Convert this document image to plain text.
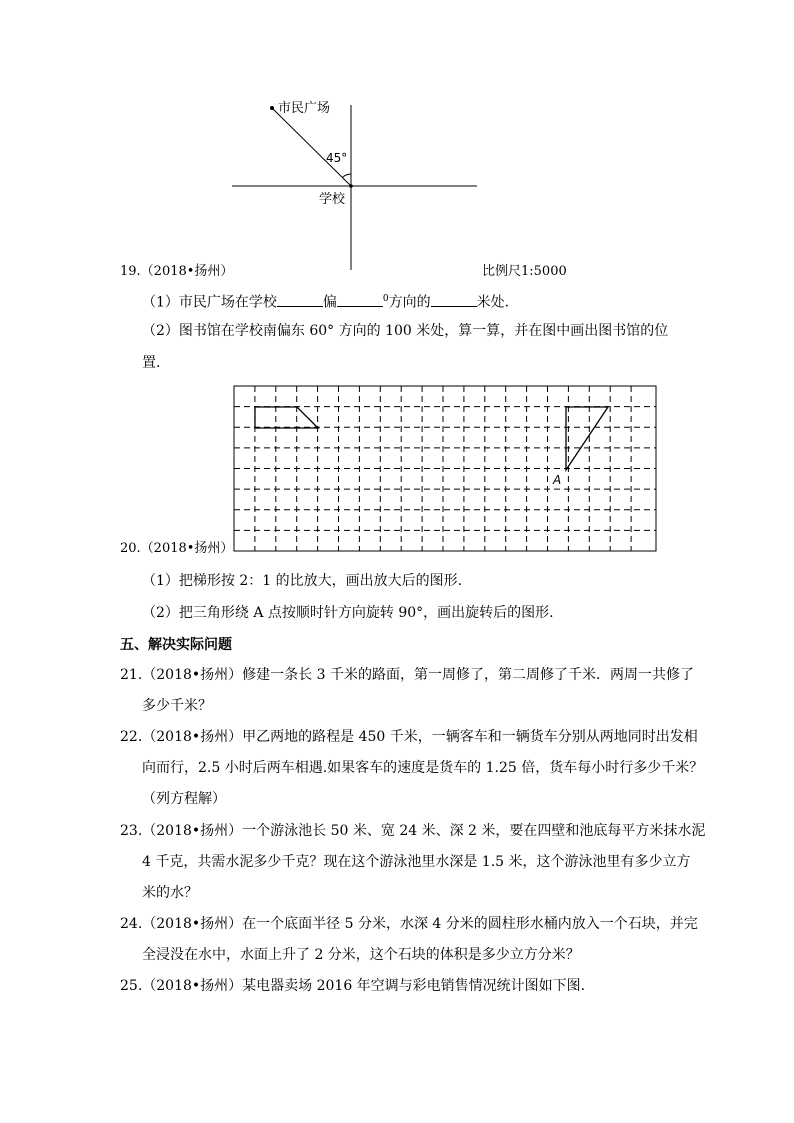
市民广场
45°
学校
19.（2018•扬州）	比例尺1:5000
（1）市民广场在学校	偏	$^0$方向的	米处.
（2）图书馆在学校南偏东 60° 方向的 100 米处，算一算，并在图中画出图书馆的位
置.
A
20.（2018•扬州）
（1）把梯形按 2：1 的比放大，画出放大后的图形.
（2）把三角形绕 A 点按顺时针方向旋转 90°，画出旋转后的图形.
五、解决实际问题
21.（2018•扬州）修建一条长 3 千米的路面，第一周修了，第二周修了千米．两周一共修了
多少千米？
22.（2018•扬州）甲乙两地的路程是 450 千米，一辆客车和一辆货车分别从两地同时出发相
向而行，2.5 小时后两车相遇.如果客车的速度是货车的 1.25 倍，货车每小时行多少千米？
（列方程解）
23.（2018•扬州）一个游泳池长 50 米、宽 24 米、深 2 米，要在四壁和池底每平方米抹水泥
4 千克，共需水泥多少千克？现在这个游泳池里水深是 1.5 米，这个游泳池里有多少立方
米的水？
24.（2018•扬州）在一个底面半径 5 分米，水深 4 分米的圆柱形水桶内放入一个石块，并完
全浸没在水中，水面上升了 2 分米，这个石块的体积是多少立方分米？
25.（2018•扬州）某电器卖场 2016 年空调与彩电销售情况统计图如下图.
